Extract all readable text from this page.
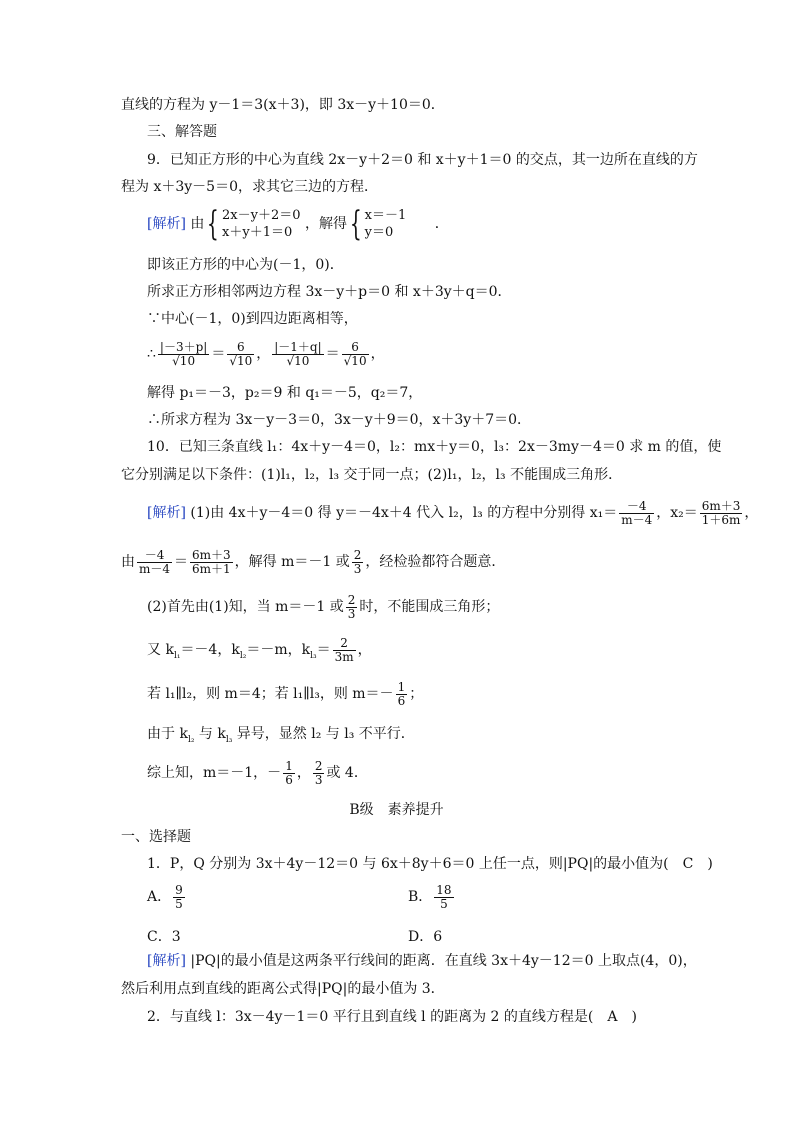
直线的方程为 y－1＝3(x＋3)，即 3x－y＋10＝0．
三、解答题
9．已知正方形的中心为直线 2x－y＋2＝0 和 x＋y＋1＝0 的交点，其一边所在直线的方
程为 x＋3y－5＝0，求其它三边的方程．
[解析] 由{ 2x－y＋2＝0
x＋y＋1＝0
，解得{ x＝－1
y＝0
．
即该正方形的中心为(－1，0)．
所求正方形相邻两边方程 3x－y＋p＝0 和 x＋3y＋q＝0．
∵中心(－1，0)到四边距离相等，
∴ $\frac{|-3+p|}{√10} = \frac{6}{√10}$ ， $\frac{|-1+q|}{√10} = \frac{6}{√10}$ ，
解得 p₁＝－3，p₂＝9 和 q₁＝－5，q₂＝7，
∴所求方程为 3x－y－3＝0，3x－y＋9＝0，x＋3y＋7＝0．
10．已知三条直线 l₁：4x＋y－4＝0，l₂：mx＋y＝0，l₃：2x－3my－4＝0 求 m 的值，使
它分别满足以下条件：(1)l₁，l₂，l₃ 交于同一点；(2)l₁，l₂，l₃ 不能围成三角形．
[解析] (1)由 4x＋y－4＝0 得 y＝－4x＋4 代入 l₂，l₃ 的方程中分别得 $x_1= \frac{-4}{m-4}$ ，$x_2= \frac{6m+3}{1+6m}$ ，
由 $\frac{-4}{m-4} = \frac{6m+3}{6m+1}$ ，解得 m＝－1 或 $\frac{2}{3}$ ，经检验都符合题意．
(2)首先由(1)知，当 m＝－1 或 $\frac{2}{3}$ 时，不能围成三角形；
又 $k_{l_1}=-4$，$k_{l_2}=-m$，$k_{l_3}= \frac{2}{3m}$ ，
若 l₁∥l₂，则 m＝4；若 l₁∥l₃，则 $m=- \frac{1}{6}$ ；
由于 $k_{l_2}$ 与 $k_{l_3}$ 异号，显然 l₂ 与 l₃ 不平行．
综上知，m＝－1，－ $\frac{1}{6}$ ， $\frac{2}{3}$ 或 4．
B级　素养提升
一、选择题
1．P，Q 分别为 3x＋4y－12＝0 与 6x＋8y＋6＝0 上任一点，则|PQ|的最小值为(　C　)
A． $\frac{9}{5}$	B． $\frac{18}{5}$
C．3	D．6
[解析] |PQ|的最小值是这两条平行线间的距离．在直线 3x＋4y－12＝0 上取点(4，0)，
然后利用点到直线的距离公式得|PQ|的最小值为 3．
2．与直线 l：3x－4y－1＝0 平行且到直线 l 的距离为 2 的直线方程是(　A　)
